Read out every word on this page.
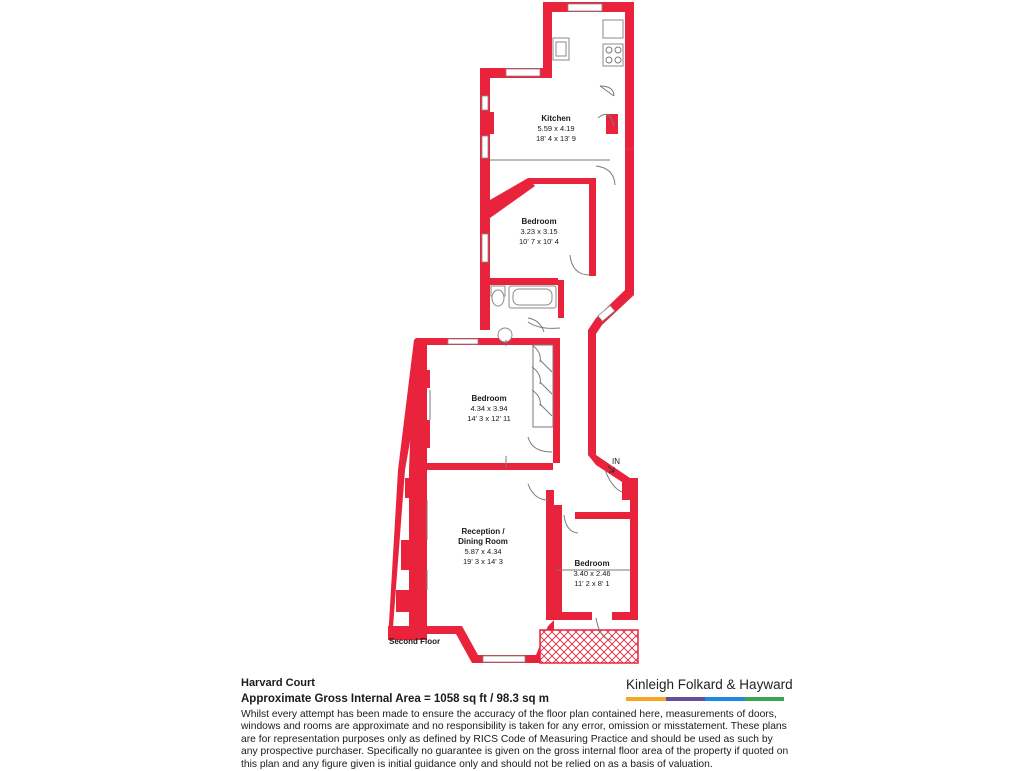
Kitchen
5.59 x 4.19
18' 4 x 13' 9
Bedroom
3.23 x 3.15
10' 7 x 10' 4
Bedroom
4.34 x 3.94
14' 3 x 12' 11
Reception /
Dining Room
5.87 x 4.34
19' 3 x 14' 3	Bedroom
3.40 x 2.46
11' 2 x 8' 1
Second Floor
IN

Harvard Court

Approximate Gross Internal Area = 1058 sq ft / 98.3 sq m

Whilst every attempt has been made to ensure the accuracy of the floor plan contained here, measurements of doors, windows and rooms are approximate and no responsibility is taken for any error, omission or misstatement. These plans are for representation purposes only as defined by RICS Code of Measuring Practice and should be used as such by any prospective purchaser. Specifically no guarantee is given on the gross internal floor area of the property if quoted on this plan and any figure given is initial guidance only and should not be relied on as a basis of valuation.

Kinleigh Folkard & Hayward
